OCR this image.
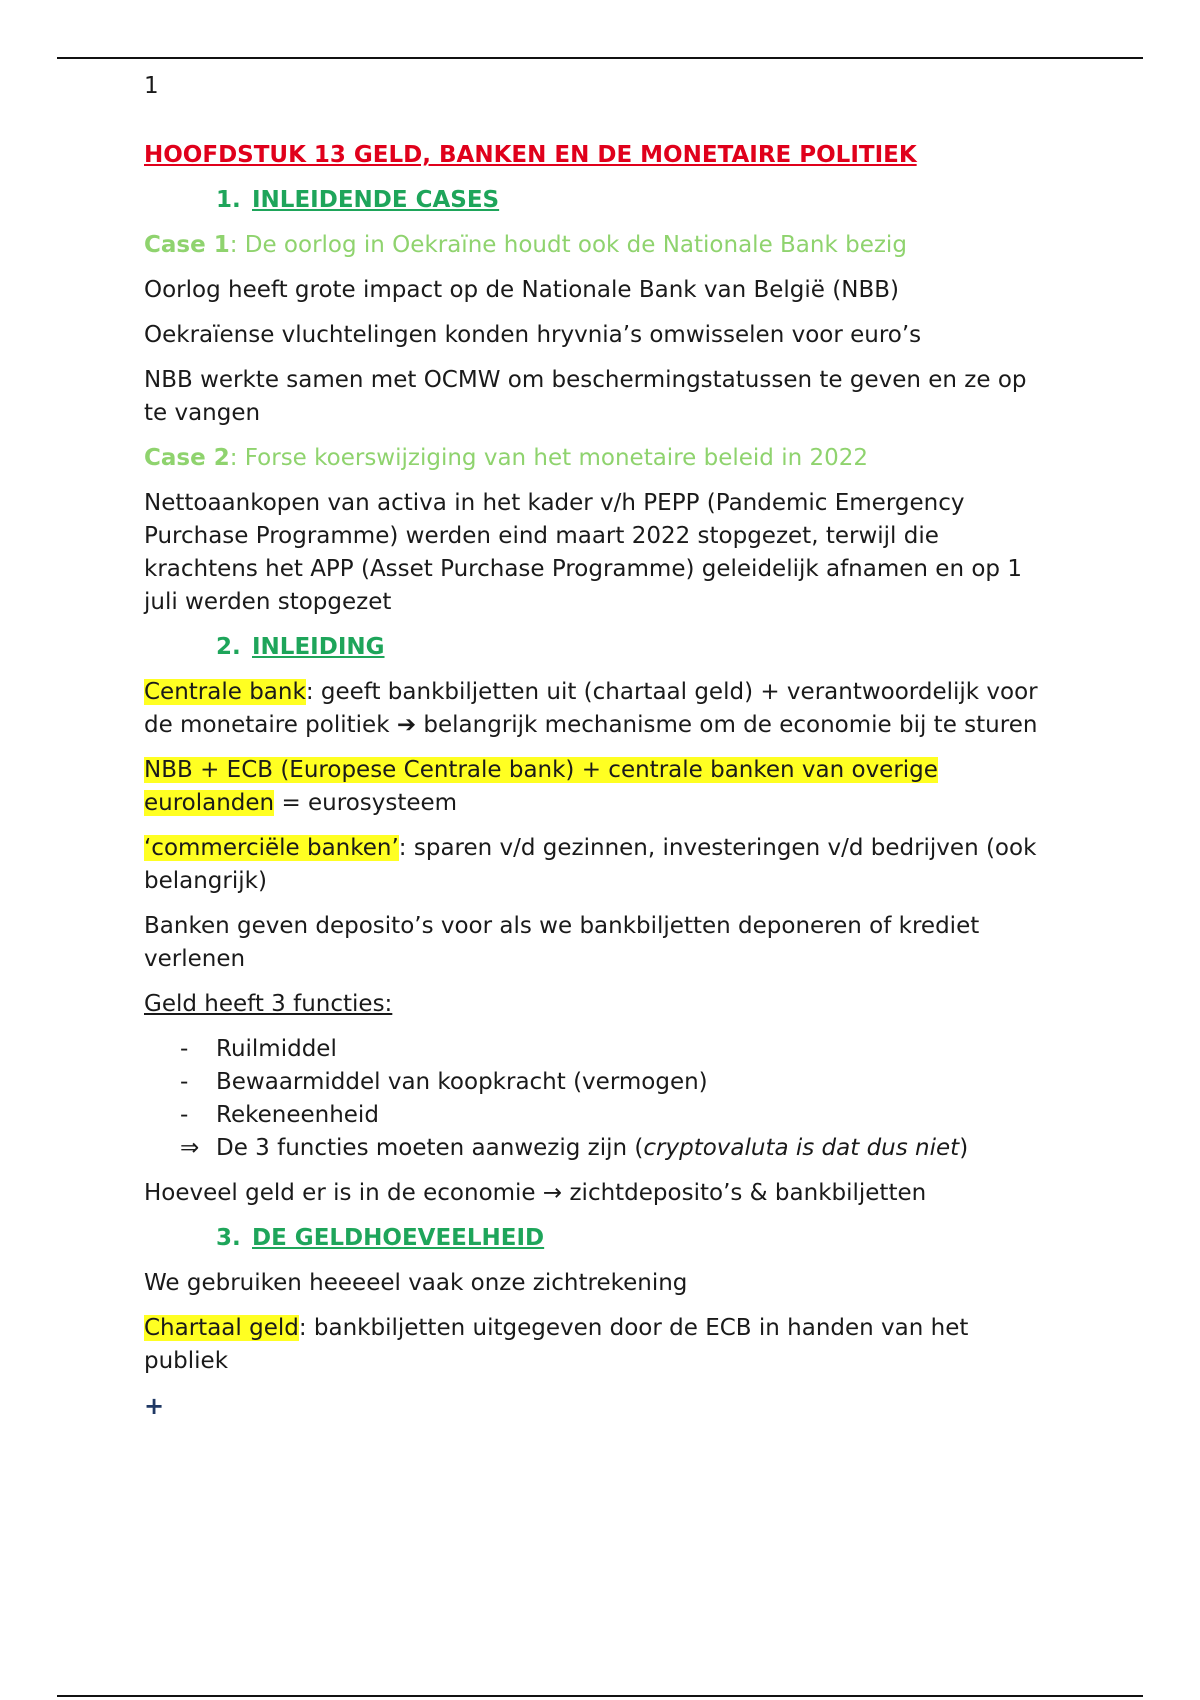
1
HOOFDSTUK 13 GELD, BANKEN EN DE MONETAIRE POLITIEK
1. INLEIDENDE CASES
Case 1: De oorlog in Oekraïne houdt ook de Nationale Bank bezig

Oorlog heeft grote impact op de Nationale Bank van België (NBB)

Oekraïense vluchtelingen konden hryvnia’s omwisselen voor euro’s

NBB werkte samen met OCMW om beschermingstatussen te geven en ze op te vangen

Case 2: Forse koerswijziging van het monetaire beleid in 2022

Nettoaankopen van activa in het kader v/h PEPP (Pandemic Emergency Purchase Programme) werden eind maart 2022 stopgezet, terwijl die krachtens het APP (Asset Purchase Programme) geleidelijk afnamen en op 1 juli werden stopgezet

2. INLEIDING

Centrale bank: geeft bankbiljetten uit (chartaal geld) + verantwoordelijk voor de monetaire politiek ➔ belangrijk mechanisme om de economie bij te sturen

NBB + ECB (Europese Centrale bank) + centrale banken van overige eurolanden = eurosysteem

‘commerciële banken’: sparen v/d gezinnen, investeringen v/d bedrijven (ook belangrijk)

Banken geven deposito’s voor als we bankbiljetten deponeren of krediet verlenen

Geld heeft 3 functies:

-	Ruilmiddel
-	Bewaarmiddel van koopkracht (vermogen)
-	Rekeneenheid
⇒ De 3 functies moeten aanwezig zijn (cryptovaluta is dat dus niet)

Hoeveel geld er is in de economie → zichtdeposito’s & bankbiljetten

3. DE GELDHOEVEELHEID

We gebruiken heeeeel vaak onze zichtrekening

Chartaal geld: bankbiljetten uitgegeven door de ECB in handen van het publiek

+
